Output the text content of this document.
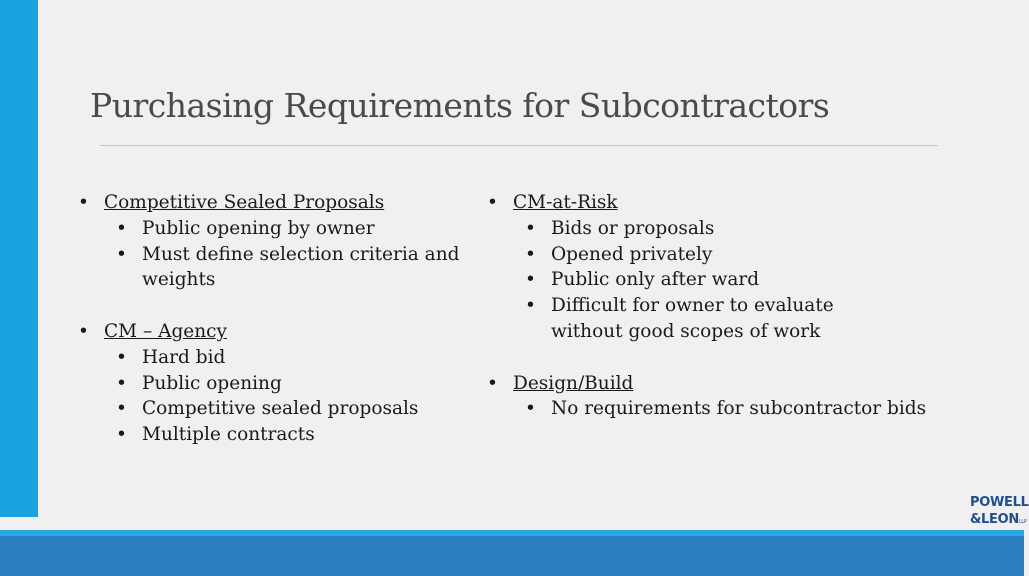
Purchasing Requirements for Subcontractors
• Competitive Sealed Proposals
• Public opening by owner
• Must define selection criteria and weights
• CM – Agency
• Hard bid
• Public opening
• Competitive sealed proposals
• Multiple contracts
• CM-at-Risk
• Bids or proposals
• Opened privately
• Public only after ward
• Difficult for owner to evaluate without good scopes of work
• Design/Build
• No requirements for subcontractor bids
POWELL
&LEONLLP
